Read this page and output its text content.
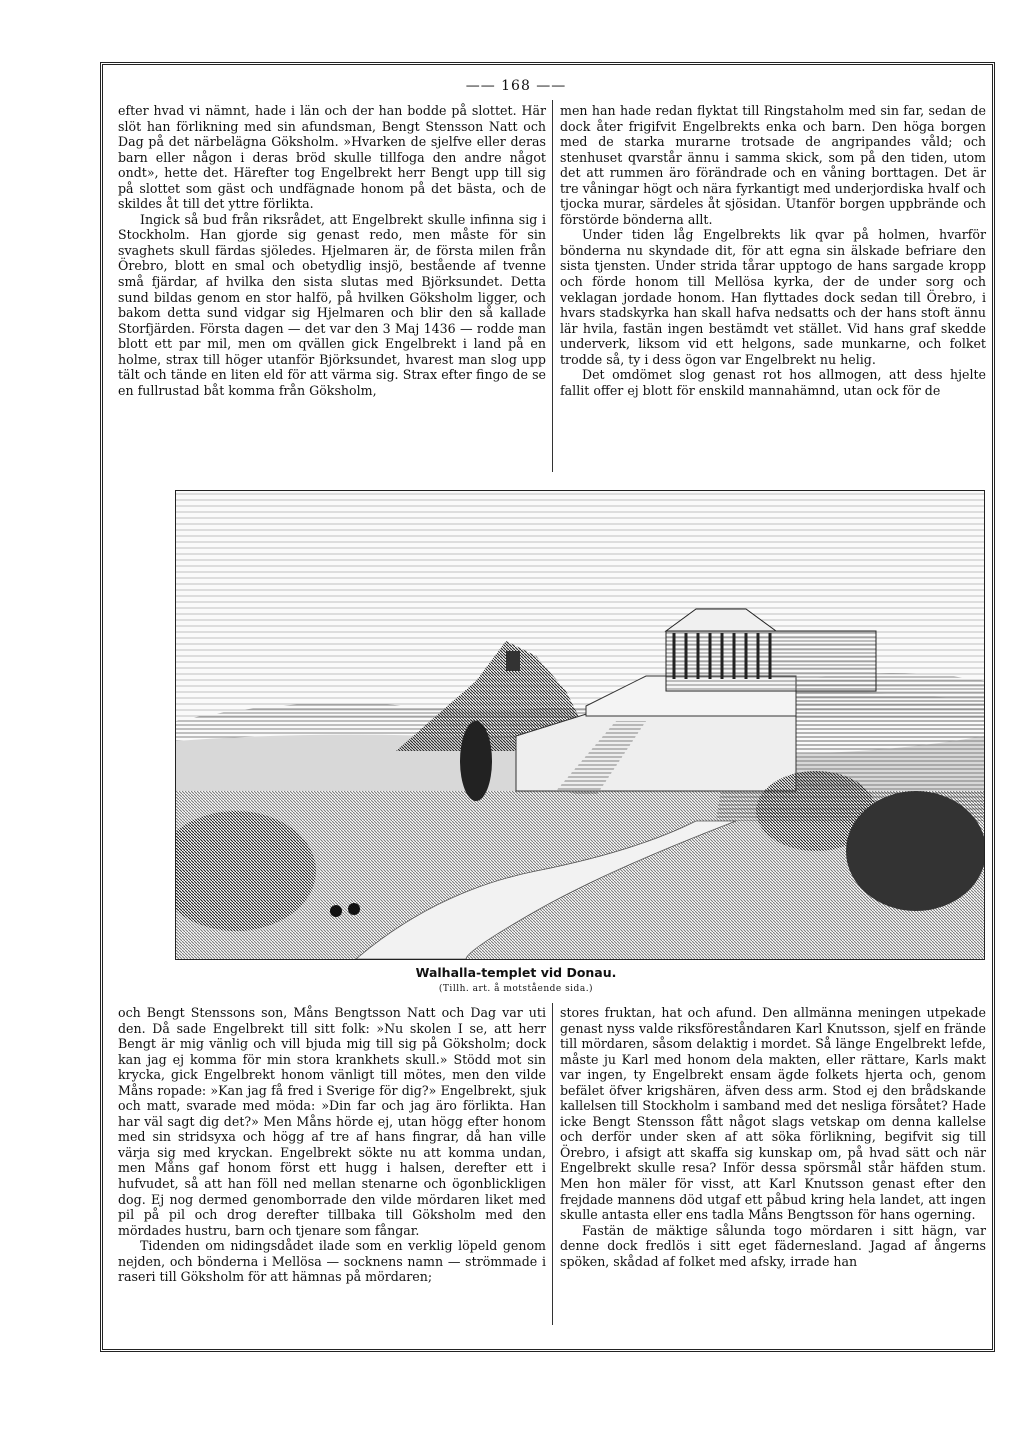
—— 168 ——

efter hvad vi nämnt, hade i län och der han bodde på slottet. Här slöt han förlikning med sin afundsman, Bengt Stensson Natt och Dag på det närbelägna Göksholm. »Hvarken de sjelfve eller deras barn eller någon i deras bröd skulle tillfoga den andre något ondt», hette det. Härefter tog Engelbrekt herr Bengt upp till sig på slottet som gäst och undfägnade honom på det bästa, och de skildes åt till det yttre förlikta.

Ingick så bud från riksrådet, att Engelbrekt skulle infinna sig i Stockholm. Han gjorde sig genast redo, men måste för sin svaghets skull färdas sjöledes. Hjelmaren är, de första milen från Örebro, blott en smal och obetydlig insjö, bestående af tvenne små fjärdar, af hvilka den sista slutas med Björksundet. Detta sund bildas genom en stor halfö, på hvilken Göksholm ligger, och bakom detta sund vidgar sig Hjelmaren och blir den så kallade Storfjärden. Första dagen — det var den 3 Maj 1436 — rodde man blott ett par mil, men om qvällen gick Engelbrekt i land på en holme, strax till höger utanför Björksundet, hvarest man slog upp tält och tände en liten eld för att värma sig. Strax efter fingo de se en fullrustad båt komma från Göksholm,

men han hade redan flyktat till Ringstaholm med sin far, sedan de dock åter frigifvit Engelbrekts enka och barn. Den höga borgen med de starka murarne trotsade de angripandes våld; och stenhuset qvarstår ännu i samma skick, som på den tiden, utom det att rummen äro förändrade och en våning borttagen. Det är tre våningar högt och nära fyrkantigt med underjordiska hvalf och tjocka murar, särdeles åt sjösidan. Utanför borgen uppbrände och förstörde bönderna allt.

Under tiden låg Engelbrekts lik qvar på holmen, hvarför bönderna nu skyndade dit, för att egna sin älskade befriare den sista tjensten. Under strida tårar upptogo de hans sargade kropp och förde honom till Mellösa kyrka, der de under sorg och veklagan jordade honom. Han flyttades dock sedan till Örebro, i hvars stadskyrka han skall hafva nedsatts och der hans stoft ännu lär hvila, fastän ingen bestämdt vet stället. Vid hans graf skedde underverk, liksom vid ett helgons, sade munkarne, och folket trodde så, ty i dess ögon var Engelbrekt nu helig.

Det omdömet slog genast rot hos allmogen, att dess hjelte fallit offer ej blott för enskild mannahämnd, utan ock för de

Walhalla-templet vid Donau.
(Tillh. art. å motstående sida.)

och Bengt Stenssons son, Måns Bengtsson Natt och Dag var uti den. Då sade Engelbrekt till sitt folk: »Nu skolen I se, att herr Bengt är mig vänlig och vill bjuda mig till sig på Göksholm; dock kan jag ej komma för min stora krankhets skull.» Stödd mot sin krycka, gick Engelbrekt honom vänligt till mötes, men den vilde Måns ropade: »Kan jag få fred i Sverige för dig?» Engelbrekt, sjuk och matt, svarade med möda: »Din far och jag äro förlikta. Han har väl sagt dig det?» Men Måns hörde ej, utan högg efter honom med sin stridsyxa och högg af tre af hans fingrar, då han ville värja sig med kryckan. Engelbrekt sökte nu att komma undan, men Måns gaf honom först ett hugg i halsen, derefter ett i hufvudet, så att han föll ned mellan stenarne och ögonblickligen dog. Ej nog dermed genomborrade den vilde mördaren liket med pil på pil och drog derefter tillbaka till Göksholm med den mördades hustru, barn och tjenare som fångar.

Tidenden om nidingsdådet ilade som en verklig löpeld genom nejden, och bönderna i Mellösa — socknens namn — strömmade i raseri till Göksholm för att hämnas på mördaren;

stores fruktan, hat och afund. Den allmänna meningen utpekade genast nyss valde riksföreståndaren Karl Knutsson, sjelf en frände till mördaren, såsom delaktig i mordet. Så länge Engelbrekt lefde, måste ju Karl med honom dela makten, eller rättare, Karls makt var ingen, ty Engelbrekt ensam ägde folkets hjerta och, genom befälet öfver krigshären, äfven dess arm. Stod ej den brådskande kallelsen till Stockholm i samband med det nesliga försåtet? Hade icke Bengt Stensson fått något slags vetskap om denna kallelse och derför under sken af att söka förlikning, begifvit sig till Örebro, i afsigt att skaffa sig kunskap om, på hvad sätt och när Engelbrekt skulle resa? Inför dessa spörsmål står häfden stum. Men hon mäler för visst, att Karl Knutsson genast efter den frejdade mannens död utgaf ett påbud kring hela landet, att ingen skulle antasta eller ens tadla Måns Bengtsson för hans ogerning.

Fastän de mäktige sålunda togo mördaren i sitt hägn, var denne dock fredlös i sitt eget fädernesland. Jagad af ångerns spöken, skådad af folket med afsky, irrade han
